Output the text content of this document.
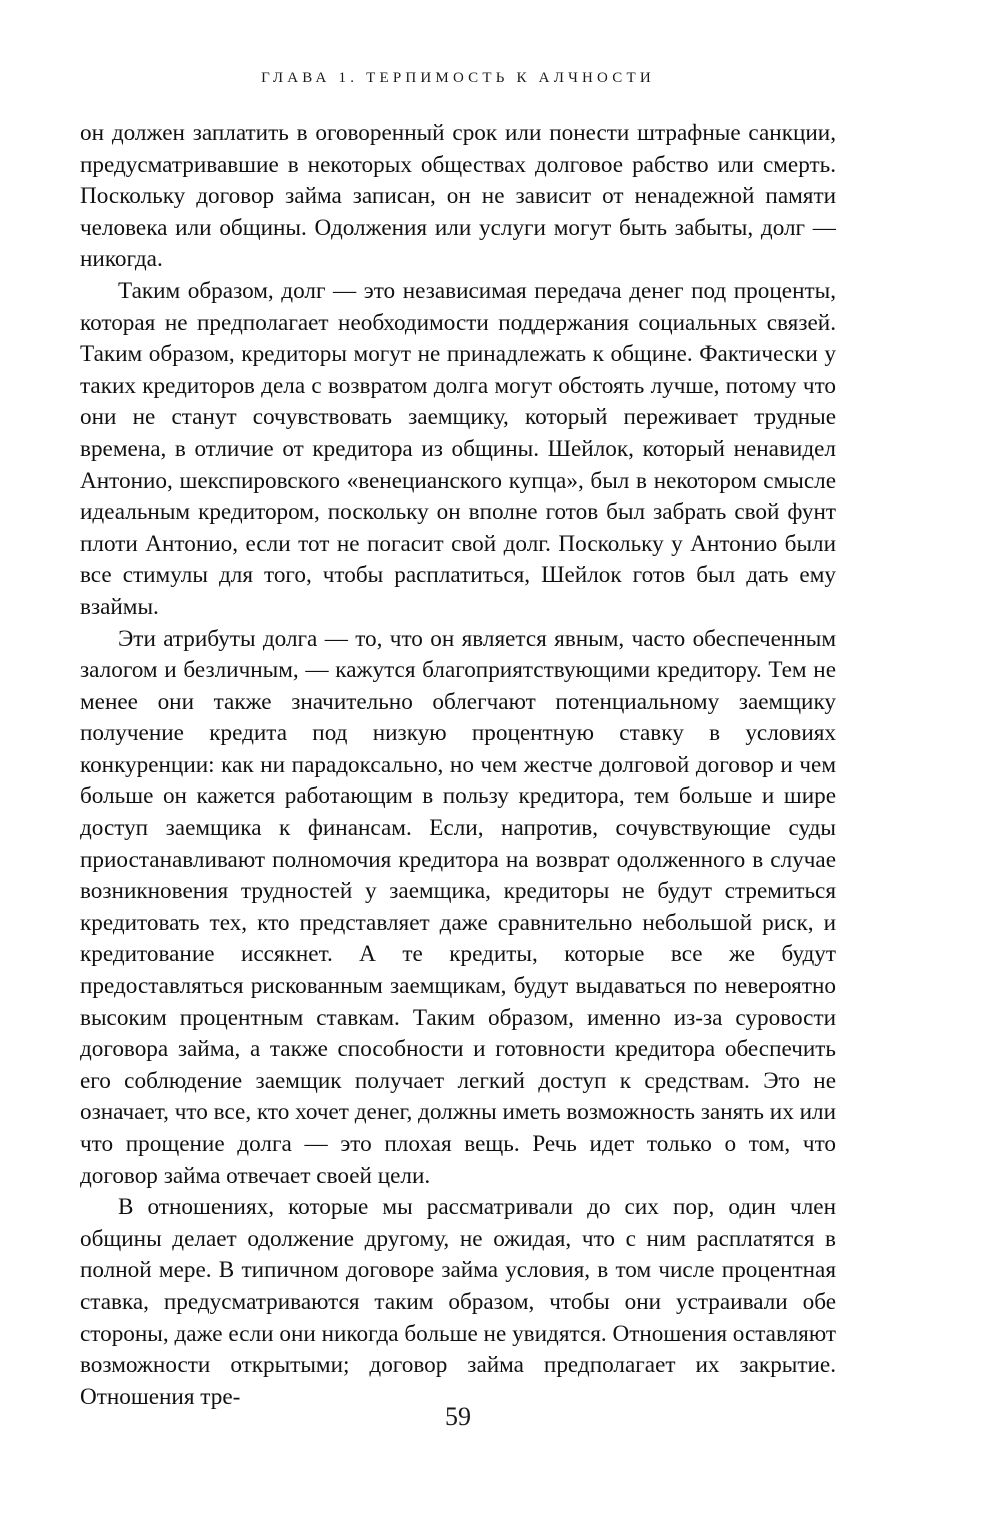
ГЛАВА 1. ТЕРПИМОСТЬ К АЛЧНОСТИ

он должен заплатить в оговоренный срок или понести штрафные санкции, предусматривавшие в некоторых обществах долговое рабство или смерть. Поскольку договор займа записан, он не зависит от ненадежной памяти человека или общины. Одолжения или услуги могут быть забыты, долг — никогда.

Таким образом, долг — это независимая передача денег под проценты, которая не предполагает необходимости поддержания социальных связей. Таким образом, кредиторы могут не принадлежать к общине. Фактически у таких кредиторов дела с возвратом долга могут обстоять лучше, потому что они не станут сочувствовать заемщику, который переживает трудные времена, в отличие от кредитора из общины. Шейлок, который ненавидел Антонио, шекспировского «венецианского купца», был в некотором смысле идеальным кредитором, поскольку он вполне готов был забрать свой фунт плоти Антонио, если тот не погасит свой долг. Поскольку у Антонио были все стимулы для того, чтобы расплатиться, Шейлок готов был дать ему взаймы.

Эти атрибуты долга — то, что он является явным, часто обеспеченным залогом и безличным, — кажутся благоприятствующими кредитору. Тем не менее они также значительно облегчают потенциальному заемщику получение кредита под низкую процентную ставку в условиях конкуренции: как ни парадоксально, но чем жестче долговой договор и чем больше он кажется работающим в пользу кредитора, тем больше и шире доступ заемщика к финансам. Если, напротив, сочувствующие суды приостанавливают полномочия кредитора на возврат одолженного в случае возникновения трудностей у заемщика, кредиторы не будут стремиться кредитовать тех, кто представляет даже сравнительно небольшой риск, и кредитование иссякнет. А те кредиты, которые все же будут предоставляться рискованным заемщикам, будут выдаваться по невероятно высоким процентным ставкам. Таким образом, именно из-за суровости договора займа, а также способности и готовности кредитора обеспечить его соблюдение заемщик получает легкий доступ к средствам. Это не означает, что все, кто хочет денег, должны иметь возможность занять их или что прощение долга — это плохая вещь. Речь идет только о том, что договор займа отвечает своей цели.

В отношениях, которые мы рассматривали до сих пор, один член общины делает одолжение другому, не ожидая, что с ним расплатятся в полной мере. В типичном договоре займа условия, в том числе процентная ставка, предусматриваются таким образом, чтобы они устраивали обе стороны, даже если они никогда больше не увидятся. Отношения оставляют возможности открытыми; договор займа предполагает их закрытие. Отношения тре-

59
